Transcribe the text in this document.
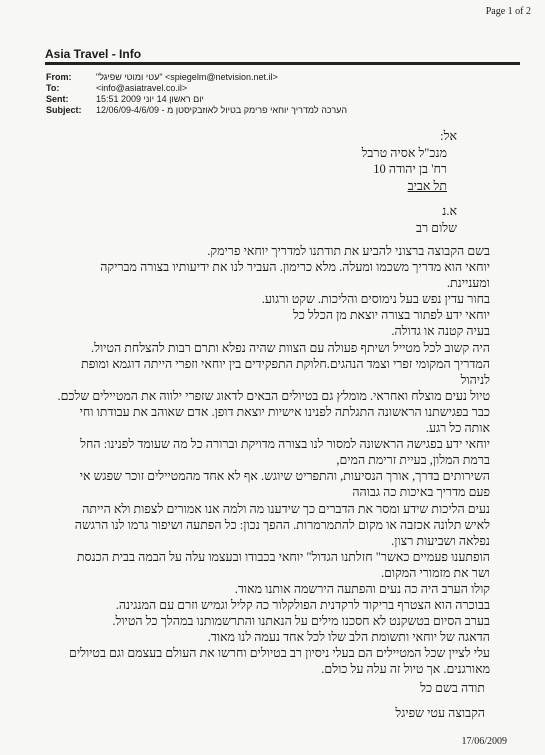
Page 1 of 2
Asia Travel - Info
From:	"עטי ומוטי שפיגל" <spiegelm@netvision.net.il>
To:	<info@asiatravel.co.il>
Sent:	15:51 2009 יום ראשון 14 יוני
Subject:	12/06/09-4/6/09 - הערכה למדריך יוחאי פרימק בטיול לאוזבקיסטן מ
אל:
מנכ"ל אסיה טרבל
רח' בן יהודה 10
תל אביב
א.נ
שלום רב
בשם הקבוצה ברצוני להביע את תודתנו למדריך יוחאי פרימק.
יוחאי הוא מדריך משכמו ומעלה. מלא כרימון. העביר לנו את ידיעותיו בצורה מבריקה
ומעניינת.
בחור עדין נפש בעל נימוסים והליכות. שקט ורגוע.
יוחאי ידע לפתור בצורה יוצאת מן הכלל כל
בעיה קטנה או גדולה.
היה קשוב לכל מטייל ושיתף פעולה עם הצוות שהיה נפלא ותרם רבות להצלחת הטיול.
המדריך המקומי זפרי וצמד הנהגים.חלוקת התפקידים בין יוחאי וזפרי הייתה דוגמא ומופת
לניהול
טיול נעים מוצלח ואחראי. מומלץ גם בטיולים הבאים לדאוג שזפרי ילווה את המטיילים שלכם.
כבר בפגישתנו הראשונה התגלתה לפנינו אישיות יוצאת דופן. אדם שאוהב את עבודתו וחי
אותה כל רגע.
יוחאי ידע בפגישה הראשונה למסור לנו בצורה מדויקת וברורה כל מה שעומד לפנינו: החל
ברמת המלון, בעיית זרימת המים,
השירותים בדרך, אורך הנסיעות, והתפריט שיוגש. אף לא אחד מהמטיילים זוכר שפגש אי
פעם מדריך באיכות כה גבוהה
נעים הליכות שידע ומסר את הדברים כך שידענו מה ולמה אנו אמורים לצפות ולא הייתה
לאיש תלונה אכזבה או מקום להתמרמרות. ההפך נכון: כל הפתעה ושיפור גרמו לנו הרגשה
נפלאה ושביעות רצון.
הופתענו פעמיים כאשר" חזלתנו הגדול" יוחאי בכבודו ובעצמו עלה על הבמה בבית הכנסת
ושר את מזמורי המקום.
קולו הערב היה כה נעים והפתעה הירשמה אותנו מאוד.
בבוכרה הוא הצטרף בריקוד לרקדנית הפולקלור כה קליל וגמיש וזרם עם המנגינה.
בערב הסיום בטשקנט לא חסכנו מילים על הנאתנו והתרשמותנו במהלך כל הטיול.
הדאגה של יוחאי ותשומת הלב שלו לכל אחד נעמה לנו מאוד.
עלי לציין שכל המטיילים הם בעלי ניסיון רב בטיולים וחרשו את העולם בעצמם וגם בטיולים
מאורגנים. אך טיול זה עלה על כולם.
תודה בשם כל
הקבוצה עטי שפיגל
17/06/2009
